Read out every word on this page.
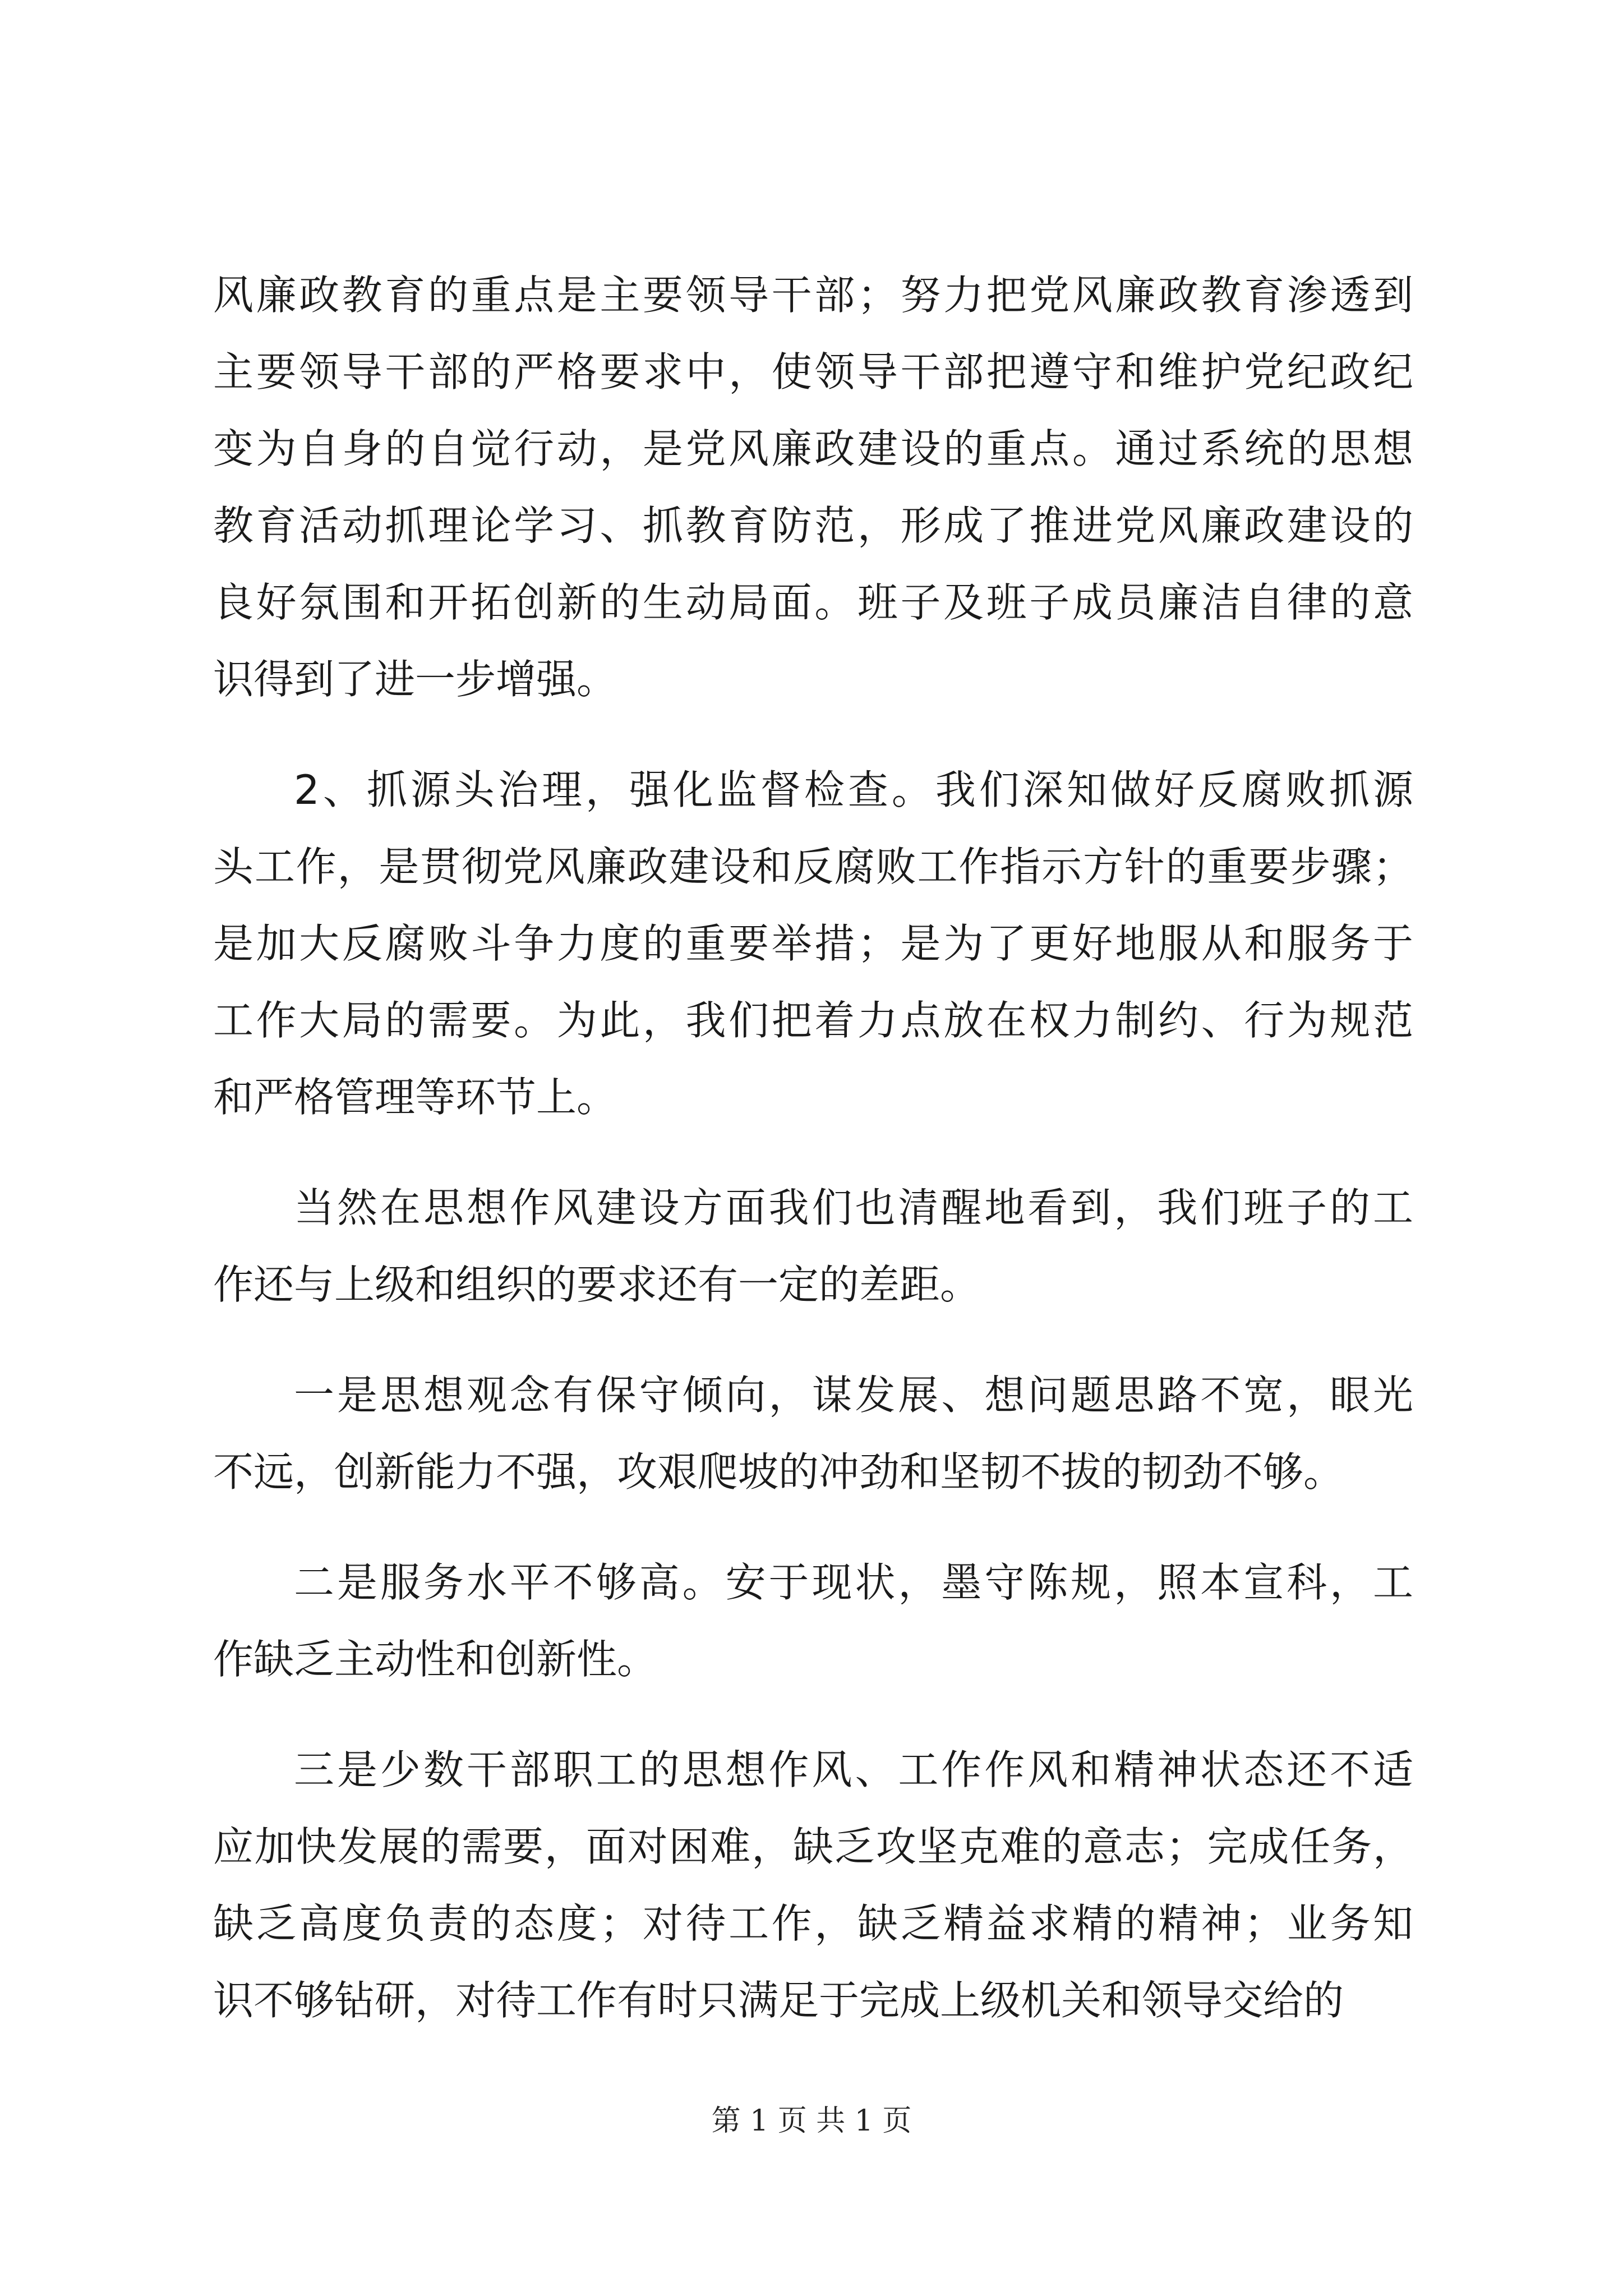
风廉政教育的重点是主要领导干部；努力把党风廉政教育渗透到
主要领导干部的严格要求中，使领导干部把遵守和维护党纪政纪
变为自身的自觉行动，是党风廉政建设的重点。通过系统的思想
教育活动抓理论学习、抓教育防范，形成了推进党风廉政建设的
良好氛围和开拓创新的生动局面。班子及班子成员廉洁自律的意
识得到了进一步增强。
2、抓源头治理，强化监督检查。我们深知做好反腐败抓源
头工作，是贯彻党风廉政建设和反腐败工作指示方针的重要步骤；
是加大反腐败斗争力度的重要举措；是为了更好地服从和服务于
工作大局的需要。为此，我们把着力点放在权力制约、行为规范
和严格管理等环节上。
当然在思想作风建设方面我们也清醒地看到，我们班子的工
作还与上级和组织的要求还有一定的差距。
一是思想观念有保守倾向，谋发展、想问题思路不宽，眼光
不远，创新能力不强，攻艰爬坡的冲劲和坚韧不拔的韧劲不够。
二是服务水平不够高。安于现状，墨守陈规，照本宣科，工
作缺乏主动性和创新性。
三是少数干部职工的思想作风、工作作风和精神状态还不适
应加快发展的需要，面对困难，缺乏攻坚克难的意志；完成任务，
缺乏高度负责的态度；对待工作，缺乏精益求精的精神；业务知
识不够钻研，对待工作有时只满足于完成上级机关和领导交给的
第 1 页 共 1 页
